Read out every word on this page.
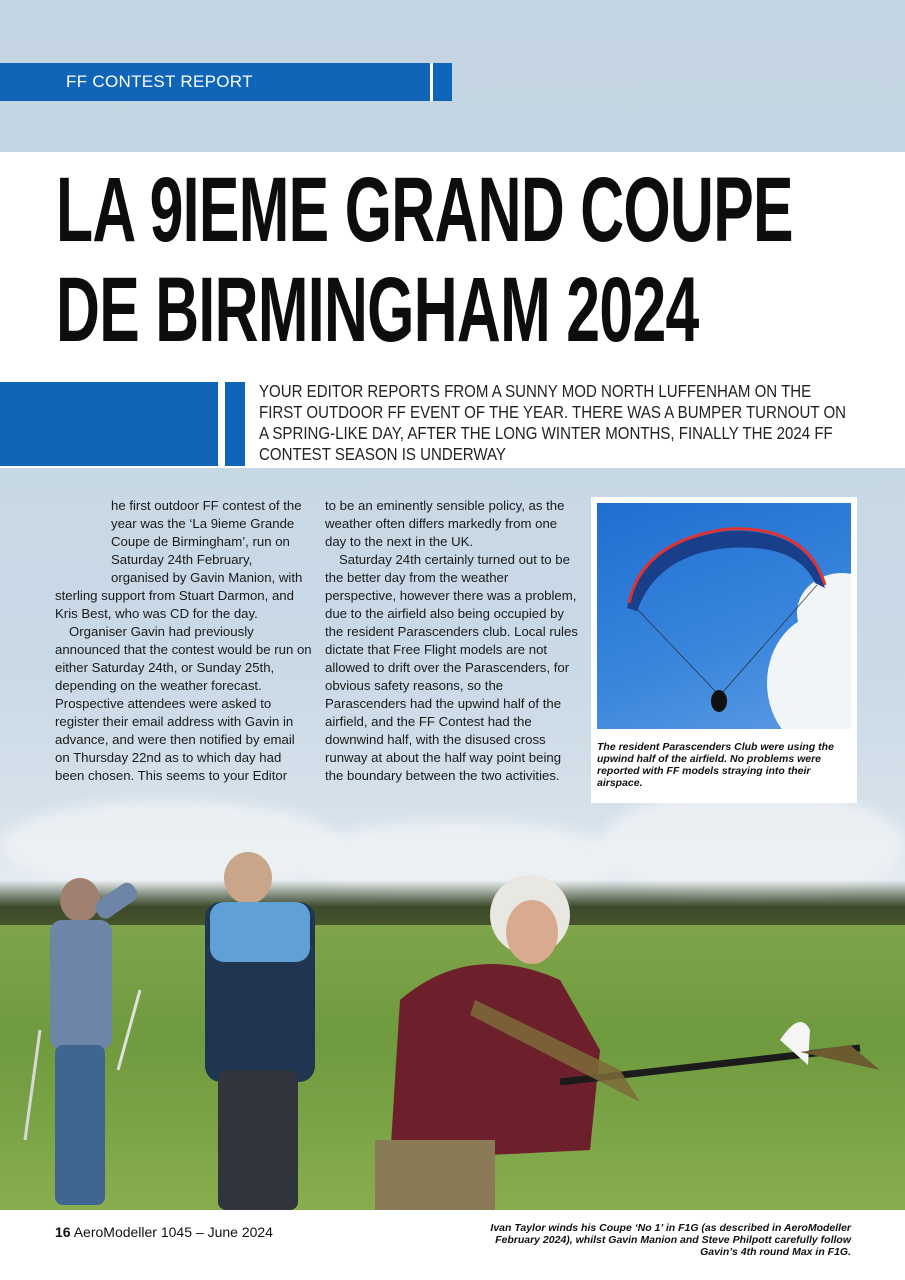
FF CONTEST REPORT
LA 9IEME GRAND COUPE
DE BIRMINGHAM 2024

YOUR EDITOR REPORTS FROM A SUNNY MOD NORTH LUFFENHAM ON THE FIRST OUTDOOR FF EVENT OF THE YEAR. THERE WAS A BUMPER TURNOUT ON A SPRING-LIKE DAY, AFTER THE LONG WINTER MONTHS, FINALLY THE 2024 FF CONTEST SEASON IS UNDERWAY

he first outdoor FF contest of the year was the ‘La 9ieme Grande Coupe de Birmingham’, run on Saturday 24th February, organised by Gavin Manion, with sterling support from Stuart Darmon, and Kris Best, who was CD for the day.

Organiser Gavin had previously announced that the contest would be run on either Saturday 24th, or Sunday 25th, depending on the weather forecast. Prospective attendees were asked to register their email address with Gavin in advance, and were then notified by email on Thursday 22nd as to which day had been chosen. This seems to your Editor

to be an eminently sensible policy, as the weather often differs markedly from one day to the next in the UK.

Saturday 24th certainly turned out to be the better day from the weather perspective, however there was a problem, due to the airfield also being occupied by the resident Parascenders club. Local rules dictate that Free Flight models are not allowed to drift over the Parascenders, for obvious safety reasons, so the Parascenders had the upwind half of the airfield, and the FF Contest had the downwind half, with the disused cross runway at about the half way point being the boundary between the two activities.

The resident Parascenders Club were using the upwind half of the airfield. No problems were reported with FF models straying into their airspace.

16 AeroModeller 1045 – June 2024	Ivan Taylor winds his Coupe ‘No 1’ in F1G (as described in AeroModeller February 2024), whilst Gavin Manion and Steve Philpott carefully follow Gavin’s 4th round Max in F1G.
